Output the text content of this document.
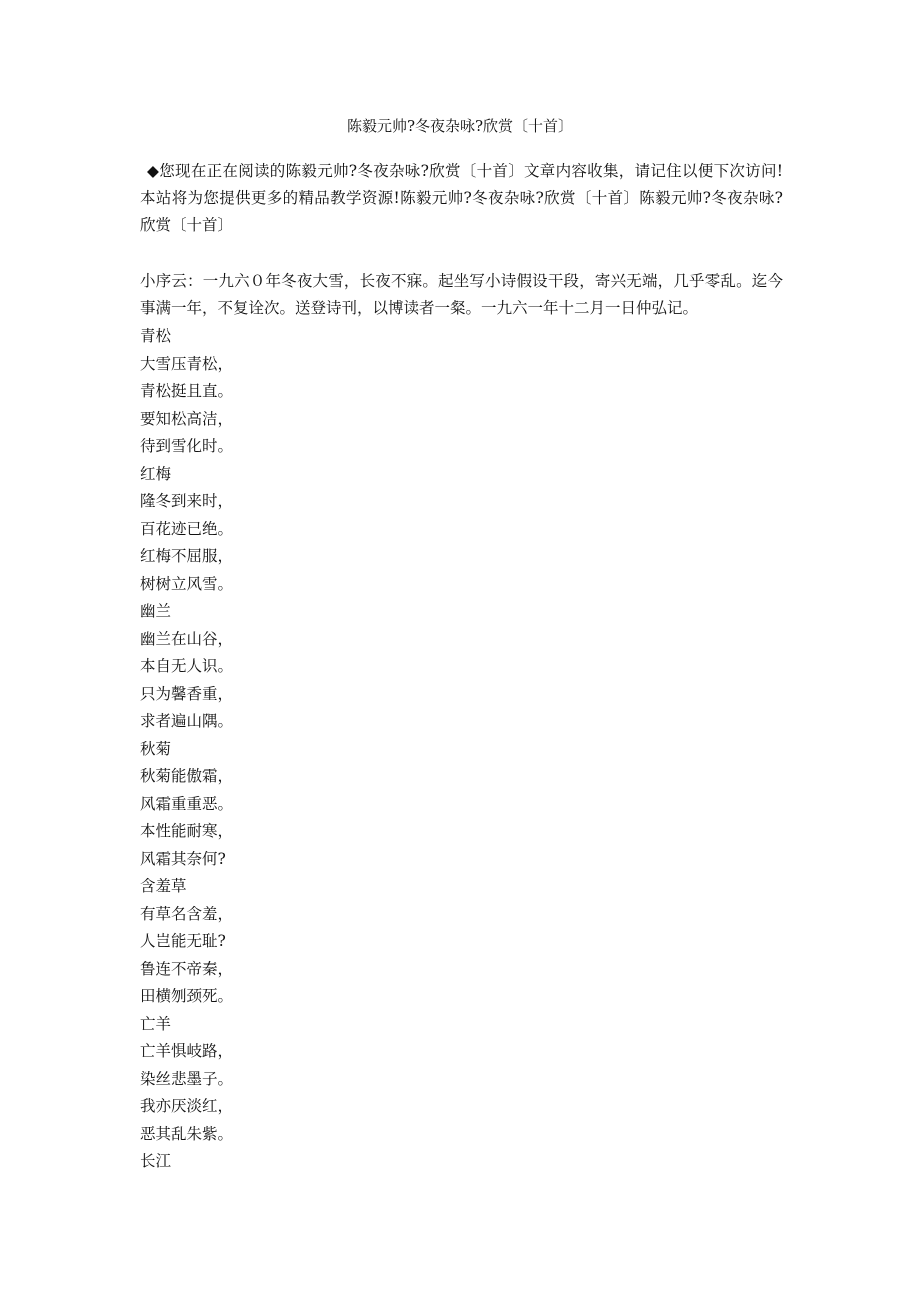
陈毅元帅?冬夜杂咏?欣赏〔十首〕
◆您现在正在阅读的陈毅元帅?冬夜杂咏?欣赏〔十首〕文章内容收集，请记住以便下次访问!本站将为您提供更多的精品教学资源!陈毅元帅?冬夜杂咏?欣赏〔十首〕陈毅元帅?冬夜杂咏?欣赏〔十首〕
小序云：一九六０年冬夜大雪，长夜不寐。起坐写小诗假设干段，寄兴无端，几乎零乱。迄今事满一年，不复诠次。送登诗刊，以博读者一粲。一九六一年十二月一日仲弘记。
青松
大雪压青松，
青松挺且直。
要知松高洁，
待到雪化时。
红梅
隆冬到来时，
百花迹已绝。
红梅不屈服，
树树立风雪。
幽兰
幽兰在山谷，
本自无人识。
只为馨香重，
求者遍山隅。
秋菊
秋菊能傲霜，
风霜重重恶。
本性能耐寒，
风霜其奈何?
含羞草
有草名含羞，
人岂能无耻?
鲁连不帝秦，
田横刎颈死。
亡羊
亡羊惧岐路，
染丝悲墨子。
我亦厌淡红，
恶其乱朱紫。
长江
